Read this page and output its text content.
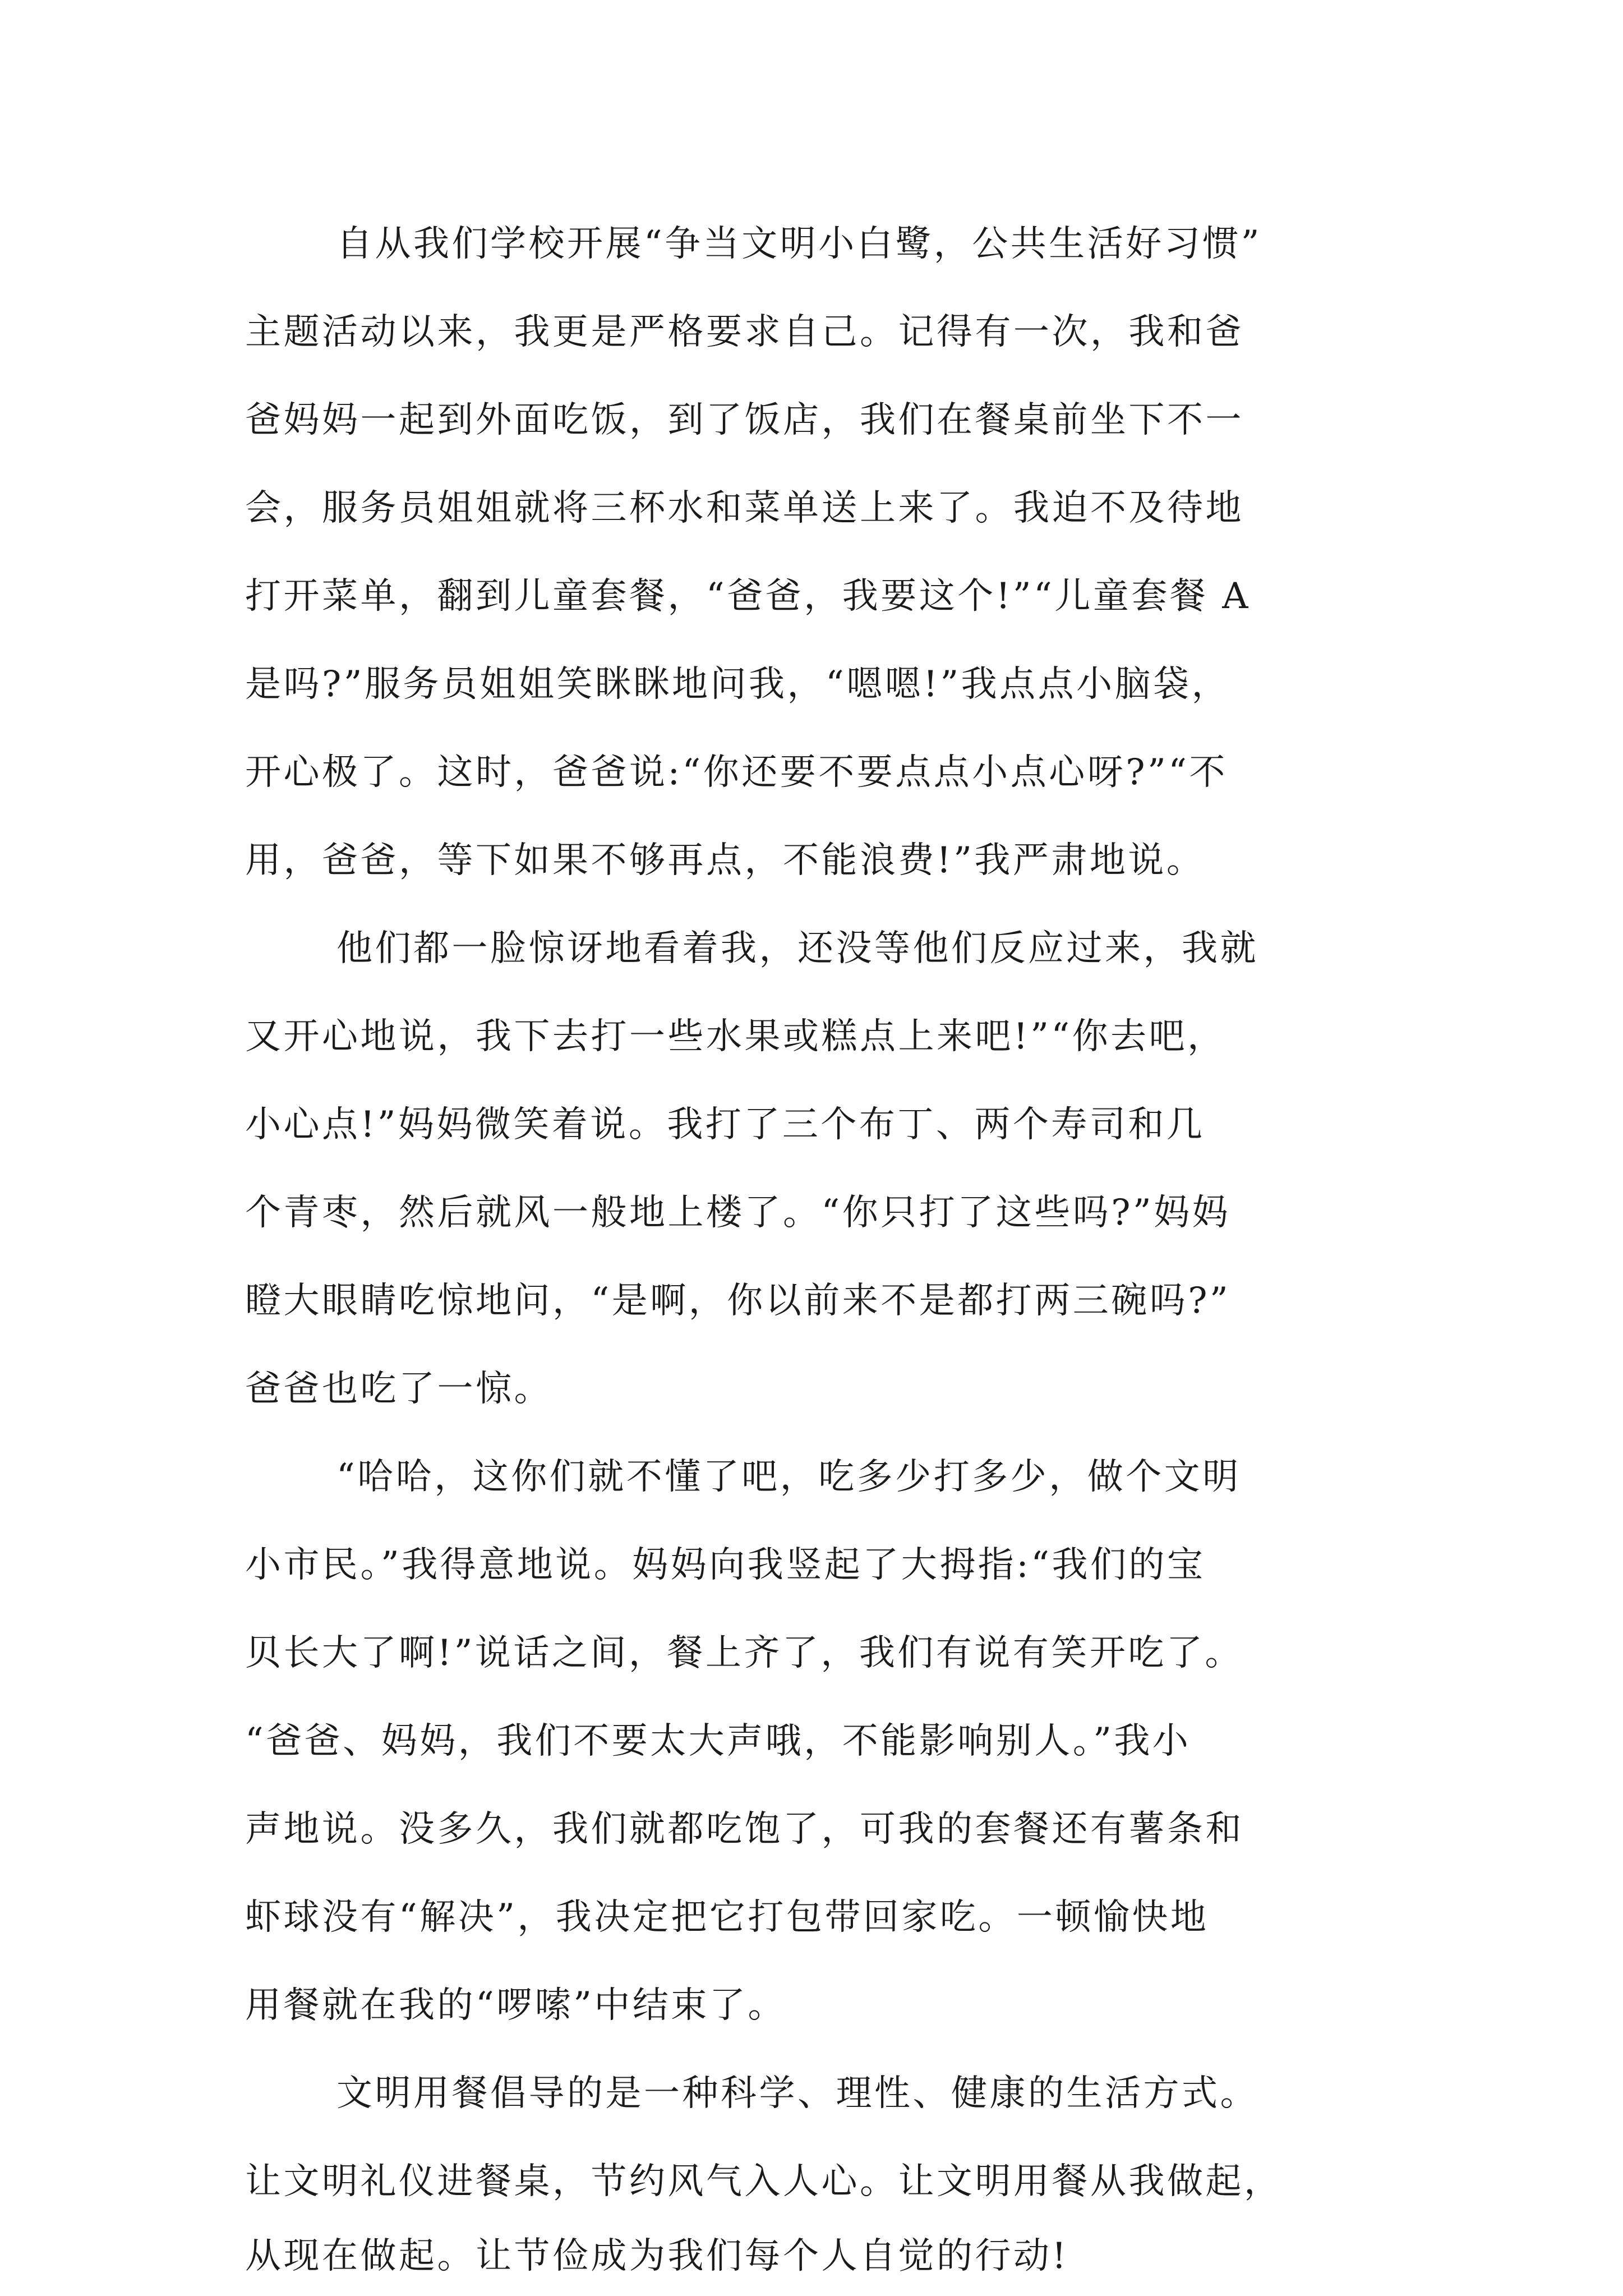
自从我们学校开展“争当文明小白鹭，公共生活好习惯”

主题活动以来，我更是严格要求自己。记得有一次，我和爸

爸妈妈一起到外面吃饭，到了饭店，我们在餐桌前坐下不一

会，服务员姐姐就将三杯水和菜单送上来了。我迫不及待地

打开菜单，翻到儿童套餐，“爸爸，我要这个!”“儿童套餐 A

是吗?”服务员姐姐笑眯眯地问我，“嗯嗯!”我点点小脑袋，

开心极了。这时，爸爸说:“你还要不要点点小点心呀?”“不

用，爸爸，等下如果不够再点，不能浪费!”我严肃地说。

他们都一脸惊讶地看着我，还没等他们反应过来，我就

又开心地说，我下去打一些水果或糕点上来吧!”“你去吧，

小心点!”妈妈微笑着说。我打了三个布丁、两个寿司和几

个青枣，然后就风一般地上楼了。“你只打了这些吗?”妈妈

瞪大眼睛吃惊地问，“是啊，你以前来不是都打两三碗吗?”

爸爸也吃了一惊。

“哈哈，这你们就不懂了吧，吃多少打多少，做个文明

小市民。”我得意地说。妈妈向我竖起了大拇指:“我们的宝

贝长大了啊!”说话之间，餐上齐了，我们有说有笑开吃了。

“爸爸、妈妈，我们不要太大声哦，不能影响别人。”我小

声地说。没多久，我们就都吃饱了，可我的套餐还有薯条和

虾球没有“解决”，我决定把它打包带回家吃。一顿愉快地

用餐就在我的“啰嗦”中结束了。

文明用餐倡导的是一种科学、理性、健康的生活方式。

让文明礼仪进餐桌，节约风气入人心。让文明用餐从我做起，

从现在做起。让节俭成为我们每个人自觉的行动!
